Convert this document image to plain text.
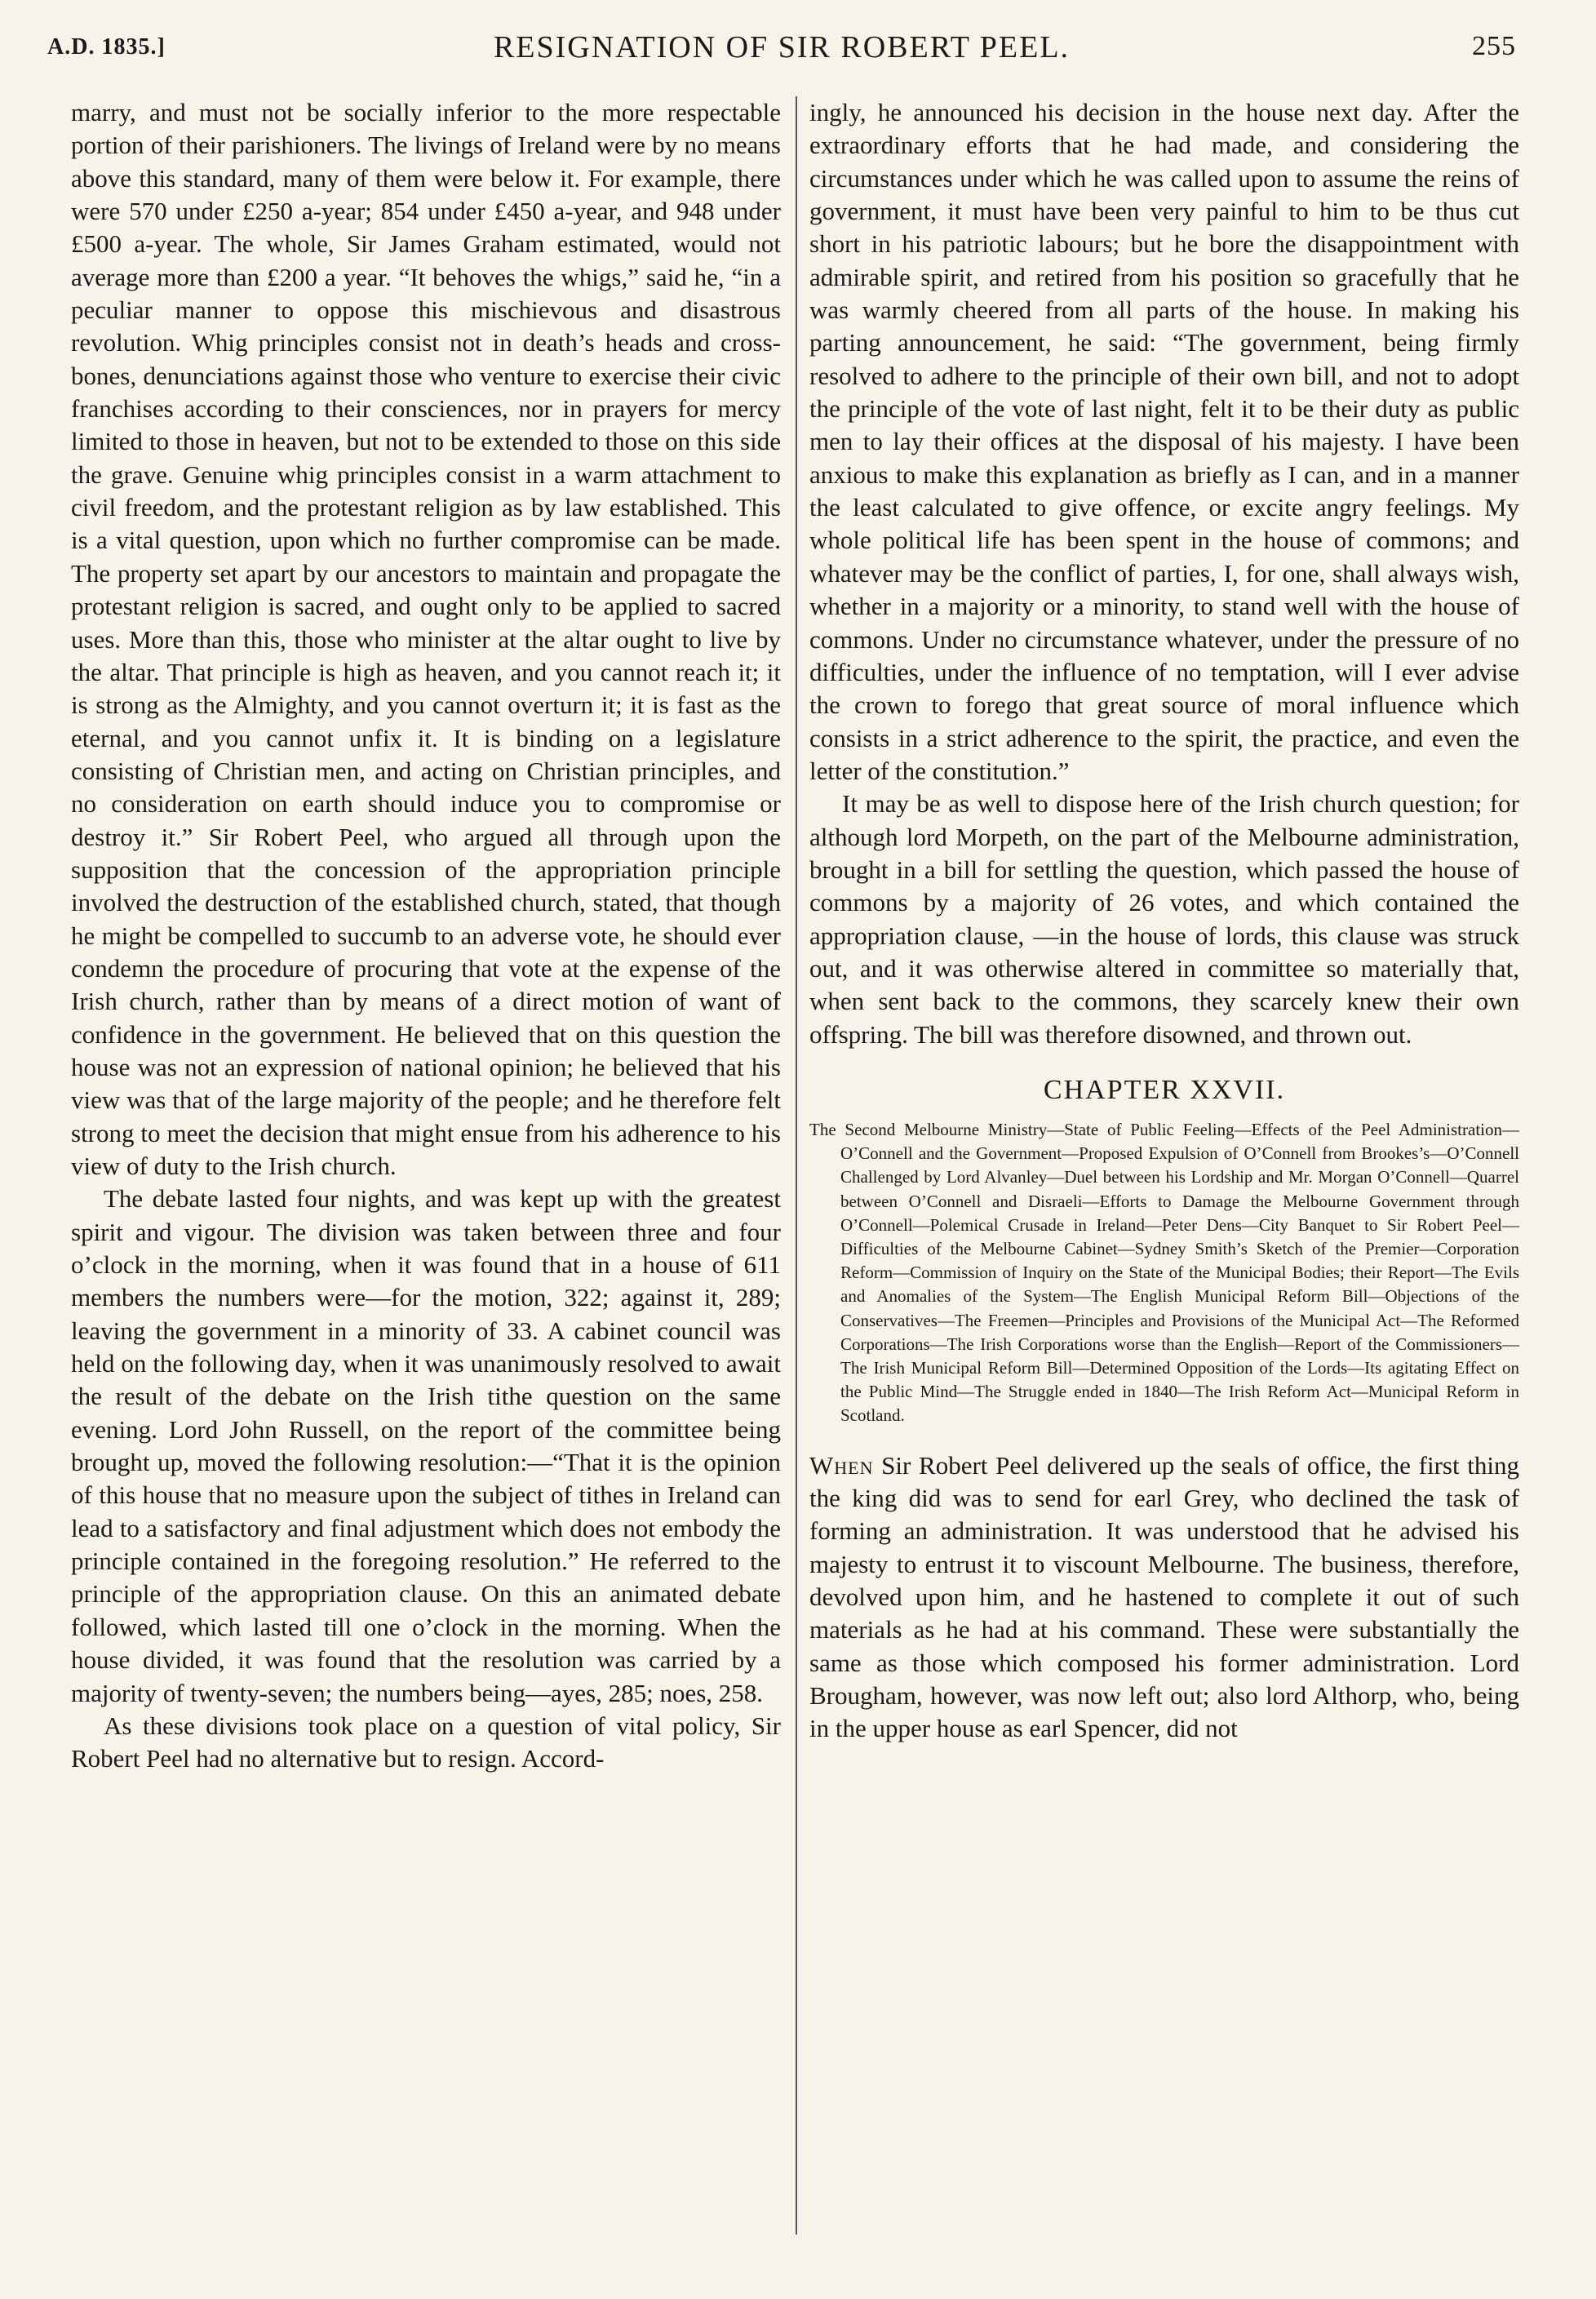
A.D. 1835.]	RESIGNATION OF SIR ROBERT PEEL.	255

marry, and must not be socially inferior to the more respectable portion of their parishioners. The livings of Ireland were by no means above this standard, many of them were below it. For example, there were 570 under £250 a-year; 854 under £450 a-year, and 948 under £500 a-year. The whole, Sir James Graham estimated, would not average more than £200 a year. “It behoves the whigs,” said he, “in a peculiar manner to oppose this mischievous and disastrous revolution. Whig principles consist not in death’s heads and cross-bones, denunciations against those who venture to exercise their civic franchises according to their consciences, nor in prayers for mercy limited to those in heaven, but not to be extended to those on this side the grave. Genuine whig principles consist in a warm attachment to civil freedom, and the protestant religion as by law established. This is a vital question, upon which no further compromise can be made. The property set apart by our ancestors to maintain and propagate the protestant religion is sacred, and ought only to be applied to sacred uses. More than this, those who minister at the altar ought to live by the altar. That principle is high as heaven, and you cannot reach it; it is strong as the Almighty, and you cannot overturn it; it is fast as the eternal, and you cannot unfix it. It is binding on a legislature consisting of Christian men, and acting on Christian principles, and no consideration on earth should induce you to compromise or destroy it.” Sir Robert Peel, who argued all through upon the supposition that the concession of the appropriation principle involved the destruction of the established church, stated, that though he might be compelled to succumb to an adverse vote, he should ever condemn the procedure of procuring that vote at the expense of the Irish church, rather than by means of a direct motion of want of confidence in the government. He believed that on this question the house was not an expression of national opinion; he believed that his view was that of the large majority of the people; and he therefore felt strong to meet the decision that might ensue from his adherence to his view of duty to the Irish church.

The debate lasted four nights, and was kept up with the greatest spirit and vigour. The division was taken between three and four o’clock in the morning, when it was found that in a house of 611 members the numbers were—for the motion, 322; against it, 289; leaving the government in a minority of 33. A cabinet council was held on the following day, when it was unanimously resolved to await the result of the debate on the Irish tithe question on the same evening. Lord John Russell, on the report of the committee being brought up, moved the following resolution:—“That it is the opinion of this house that no measure upon the subject of tithes in Ireland can lead to a satisfactory and final adjustment which does not embody the principle contained in the foregoing resolution.” He referred to the principle of the appropriation clause. On this an animated debate followed, which lasted till one o’clock in the morning. When the house divided, it was found that the resolution was carried by a majority of twenty-seven; the numbers being—ayes, 285; noes, 258.

As these divisions took place on a question of vital policy, Sir Robert Peel had no alternative but to resign. Accord-

ingly, he announced his decision in the house next day. After the extraordinary efforts that he had made, and considering the circumstances under which he was called upon to assume the reins of government, it must have been very painful to him to be thus cut short in his patriotic labours; but he bore the disappointment with admirable spirit, and retired from his position so gracefully that he was warmly cheered from all parts of the house. In making his parting announcement, he said: “The government, being firmly resolved to adhere to the principle of their own bill, and not to adopt the principle of the vote of last night, felt it to be their duty as public men to lay their offices at the disposal of his majesty. I have been anxious to make this explanation as briefly as I can, and in a manner the least calculated to give offence, or excite angry feelings. My whole political life has been spent in the house of commons; and whatever may be the conflict of parties, I, for one, shall always wish, whether in a majority or a minority, to stand well with the house of commons. Under no circumstance whatever, under the pressure of no difficulties, under the influence of no temptation, will I ever advise the crown to forego that great source of moral influence which consists in a strict adherence to the spirit, the practice, and even the letter of the constitution.”

It may be as well to dispose here of the Irish church question; for although lord Morpeth, on the part of the Melbourne administration, brought in a bill for settling the question, which passed the house of commons by a majority of 26 votes, and which contained the appropriation clause, —in the house of lords, this clause was struck out, and it was otherwise altered in committee so materially that, when sent back to the commons, they scarcely knew their own offspring. The bill was therefore disowned, and thrown out.

CHAPTER XXVII.
The Second Melbourne Ministry—State of Public Feeling—Effects of the Peel Administration—O’Connell and the Government—Proposed Expulsion of O’Connell from Brookes’s—O’Connell Challenged by Lord Alvanley—Duel between his Lordship and Mr. Morgan O’Connell—Quarrel between O’Connell and Disraeli—Efforts to Damage the Melbourne Government through O’Connell—Polemical Crusade in Ireland—Peter Dens—City Banquet to Sir Robert Peel—Difficulties of the Melbourne Cabinet—Sydney Smith’s Sketch of the Premier—Corporation Reform—Commission of Inquiry on the State of the Municipal Bodies; their Report—The Evils and Anomalies of the System—The English Municipal Reform Bill—Objections of the Conservatives—The Freemen—Principles and Provisions of the Municipal Act—The Reformed Corporations—The Irish Corporations worse than the English—Report of the Commissioners—The Irish Municipal Reform Bill—Determined Opposition of the Lords—Its agitating Effect on the Public Mind—The Struggle ended in 1840—The Irish Reform Act—Municipal Reform in Scotland.

When Sir Robert Peel delivered up the seals of office, the first thing the king did was to send for earl Grey, who declined the task of forming an administration. It was understood that he advised his majesty to entrust it to viscount Melbourne. The business, therefore, devolved upon him, and he hastened to complete it out of such materials as he had at his command. These were substantially the same as those which composed his former administration. Lord Brougham, however, was now left out; also lord Althorp, who, being in the upper house as earl Spencer, did not
